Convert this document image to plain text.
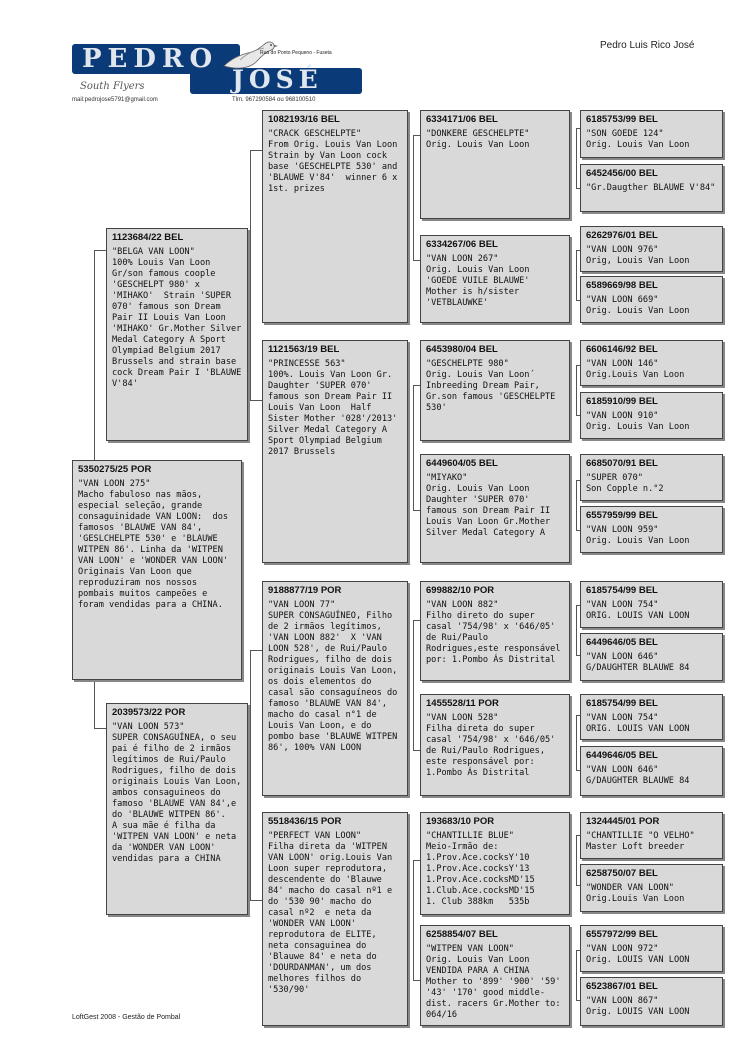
PEDRO
JOSÉ
Rua do Ponto Pequeno - Fuseta
South Flyers
mail:pedrojose5791@gmail.com	Tlm. 967290584 ou 968100510
Pedro Luis Rico José
5350275/25 POR
"VAN LOON 275"
Macho fabuloso nas mãos, especial seleção, grande consaguinidade VAN LOON:  dos famosos 'BLAUWE VAN 84', 'GESLCHELPTE 530' e 'BLAUWE WITPEN 86'. Linha da 'WITPEN VAN LOON' e 'WONDER VAN LOON' Originais Van Loon que reproduziram nos nossos pombais muitos campeões e foram vendidas para a CHINA.
1123684/22 BEL
"BELGA VAN LOON"
100% Louis Van Loon Gr/son famous coople 'GESCHELPT 980' x 'MIHAKO'  Strain 'SUPER 070' famous son Dream Pair II Louis Van Loon 'MIHAKO' Gr.Mother Silver Medal Category A Sport Olympiad Belgium 2017 Brussels and strain base cock Dream Pair I 'BLAUWE V'84'
2039573/22 POR
"VAN LOON 573"
SUPER CONSAGUÍNEA, o seu pai é filho de 2 irmãos legítimos de Rui/Paulo Rodrigues, filho de dois originais Louis Van Loon, ambos consaguineos do famoso 'BLAUWE VAN 84',e do 'BLAUWE WITPEN 86'.
A sua mãe é filha da 'WITPEN VAN LOON' e neta da 'WONDER VAN LOON' vendidas para a CHINA
1082193/16 BEL
"CRACK GESCHELPTE"
From Orig. Louis Van Loon Strain by Van Loon cock base 'GESCHELPTE 530' and 'BLAUWE V'84'  winner 6 x 1st. prizes
1121563/19 BEL
"PRINCESSE 563"
100%. Louis Van Loon Gr. Daughter 'SUPER 070' famous son Dream Pair II Louis Van Loon  Half Sister Mother '028'/2013' Silver Medal Category A Sport Olympiad Belgium 2017 Brussels
9188877/19 POR
"VAN LOON 77"
SUPER CONSAGUÍNEO, Filho de 2 irmãos legítimos,  'VAN LOON 882'  X 'VAN LOON 528', de Rui/Paulo Rodrigues, filho de dois originais Louis Van Loon, os dois elementos do casal são consaguíneos do famoso 'BLAUWE VAN 84', macho do casal n°1 de Louis Van Loon, e do pombo base 'BLAUWE WITPEN 86', 100% VAN LOON
5518436/15 POR
"PERFECT VAN LOON"
Filha direta da 'WITPEN VAN LOON' orig.Louis Van Loon super reprodutora, descendente do 'Blauwe 84' macho do casal nº1 e do '530 90' macho do casal nº2  e neta da 'WONDER VAN LOON' reprodutora de ELITE, neta consaguinea do 'Blauwe 84' e neta do 'DOURDANMAN', um dos melhores filhos do '530/90'
6334171/06 BEL
"DONKERE GESCHELPTE"
Orig. Louis Van Loon
6334267/06 BEL
"VAN LOON 267"
Orig. Louis Van Loon 'GOEDE VUILE BLAUWE' Mother is h/sister 'VETBLAUWKE'
6453980/04 BEL
"GESCHELPTE 980"
Orig. Louis Van Loon´ Inbreeding Dream Pair, Gr.son famous 'GESCHELPTE 530'
6449604/05 BEL
"MIYAKO"
Orig. Louis Van Loon Daughter 'SUPER 070' famous son Dream Pair II Louis Van Loon Gr.Mother Silver Medal Category A
699882/10 POR
"VAN LOON 882"
Filho direto do super casal '754/98' x '646/05' de Rui/Paulo Rodrigues,este responsável por: 1.Pombo Ás Distrital
1455528/11 POR
"VAN LOON 528"
Filha direta do super casal '754/98' x '646/05' de Rui/Paulo Rodrigues, este responsável por: 1.Pombo Ás Distrital
193683/10 POR
"CHANTILLIE BLUE"
Meio-Irmão de:
1.Prov.Ace.cocksY'10
1.Prov.Ace.cocksY'13
1.Prov.Ace.cocksMD'15
1.Club.Ace.cocksMD'15
1. Club 388km   535b
6258854/07 BEL
"WITPEN VAN LOON"
Orig. Louis Van Loon VENDIDA PARA A CHINA Mother to '899' '900' '59' '43' '170' good middle-dist. racers Gr.Mother to: 064/16
6185753/99 BEL
"SON GOEDE 124"
Orig. Louis Van Loon
6452456/00 BEL
"Gr.Daugther BLAUWE V'84"
6262976/01 BEL
"VAN LOON 976"
Orig, Louis Van Loon
6589669/98 BEL
"VAN LOON 669"
Orig. Louis Van Loon
6606146/92 BEL
"VAN LOON 146"
Orig.Louis Van Loon
6185910/99 BEL
"VAN LOON 910"
Orig. Louis Van Loon
6685070/91 BEL
"SUPER 070"
Son Copple n.°2
6557959/99 BEL
"VAN LOON 959"
Orig. Louis Van Loon
6185754/99 BEL
"VAN LOON 754"
ORIG. LOUIS VAN LOON
6449646/05 BEL
"VAN LOON 646"
G/DAUGHTER BLAUWE 84
6185754/99 BEL
"VAN LOON 754"
ORIG. LOUIS VAN LOON
6449646/05 BEL
"VAN LOON 646"
G/DAUGHTER BLAUWE 84
1324445/01 POR
"CHANTILLIE "O VELHO"
Master Loft breeder
6258750/07 BEL
"WONDER VAN LOON"
Orig.Louis Van Loon
6557972/99 BEL
"VAN LOON 972"
Orig. LOUIS VAN LOON
6523867/01 BEL
"VAN LOON 867"
Orig. LOUIS VAN LOON
LoftGest 2008 - Gestão de Pombal
